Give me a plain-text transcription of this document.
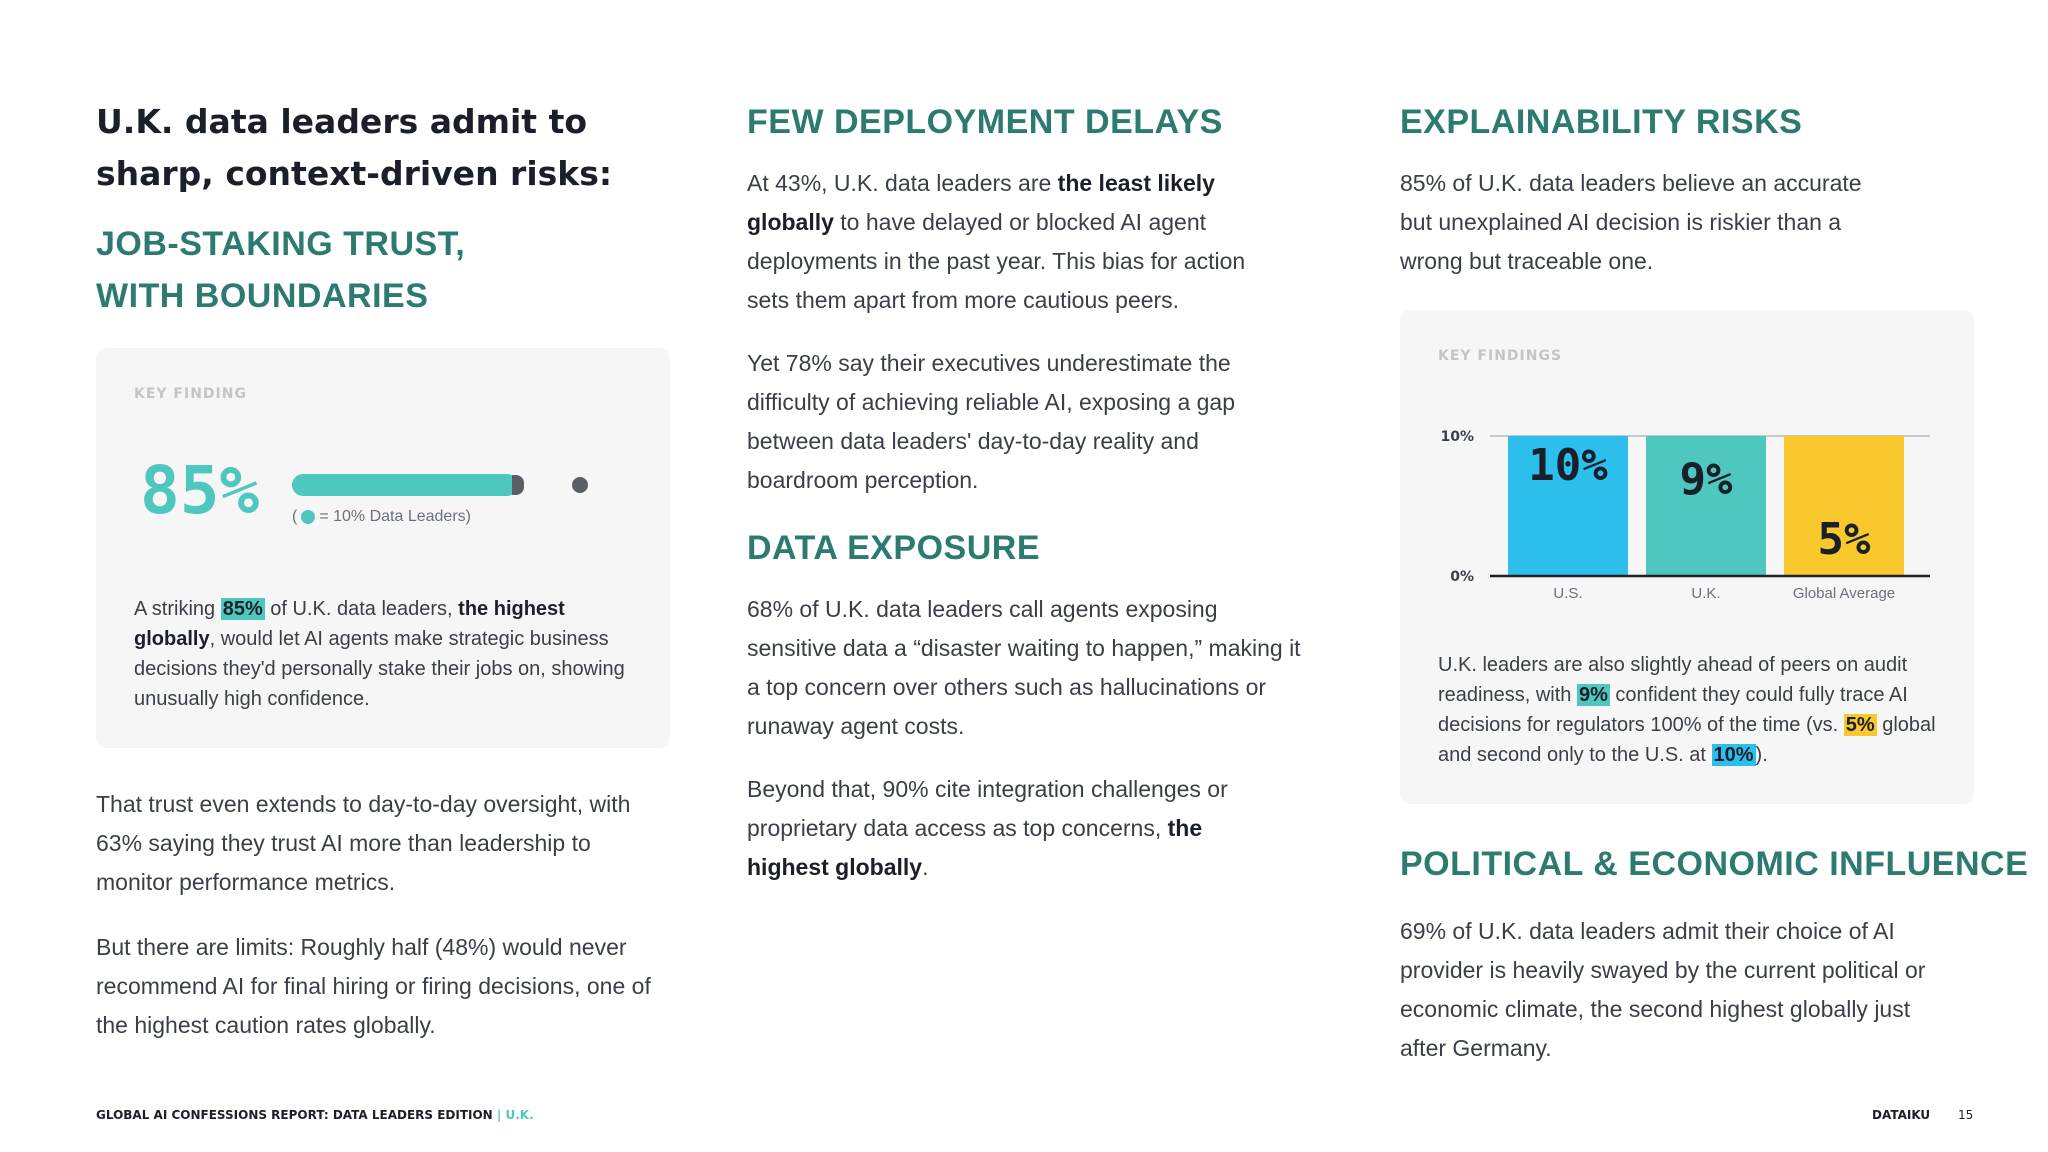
U.K. data leaders admit to
sharp, context-driven risks:
JOB-STAKING TRUST,
WITH BOUNDARIES
KEY FINDING
85% ( = 10% Data Leaders)

A striking 85% of U.K. data leaders, the highest globally, would let AI agents make strategic business decisions they'd personally stake their jobs on, showing unusually high confidence.

That trust even extends to day-to-day oversight, with 63% saying they trust AI more than leadership to monitor performance metrics.

But there are limits: Roughly half (48%) would never recommend AI for final hiring or firing decisions, one of the highest caution rates globally.

FEW DEPLOYMENT DELAYS

At 43%, U.K. data leaders are the least likely globally to have delayed or blocked AI agent deployments in the past year. This bias for action sets them apart from more cautious peers.

Yet 78% say their executives underestimate the difficulty of achieving reliable AI, exposing a gap between data leaders' day-to-day reality and boardroom perception.

DATA EXPOSURE

68% of U.K. data leaders call agents exposing sensitive data a “disaster waiting to happen,” making it a top concern over others such as hallucinations or runaway agent costs.

Beyond that, 90% cite integration challenges or proprietary data access as top concerns, the highest globally.

EXPLAINABILITY RISKS

85% of U.K. data leaders believe an accurate but unexplained AI decision is riskier than a wrong but traceable one.

KEY FINDINGS
10%
0%
10%
U.S.
9%
U.K.
5%
Global Average

U.K. leaders are also slightly ahead of peers on audit readiness, with 9% confident they could fully trace AI decisions for regulators 100% of the time (vs. 5% global and second only to the U.S. at 10% ).

POLITICAL & ECONOMIC INFLUENCE

69% of U.K. data leaders admit their choice of AI provider is heavily swayed by the current political or economic climate, the second highest globally just after Germany.

GLOBAL AI CONFESSIONS REPORT: DATA LEADERS EDITION | U.K.	DATAIKU 15
